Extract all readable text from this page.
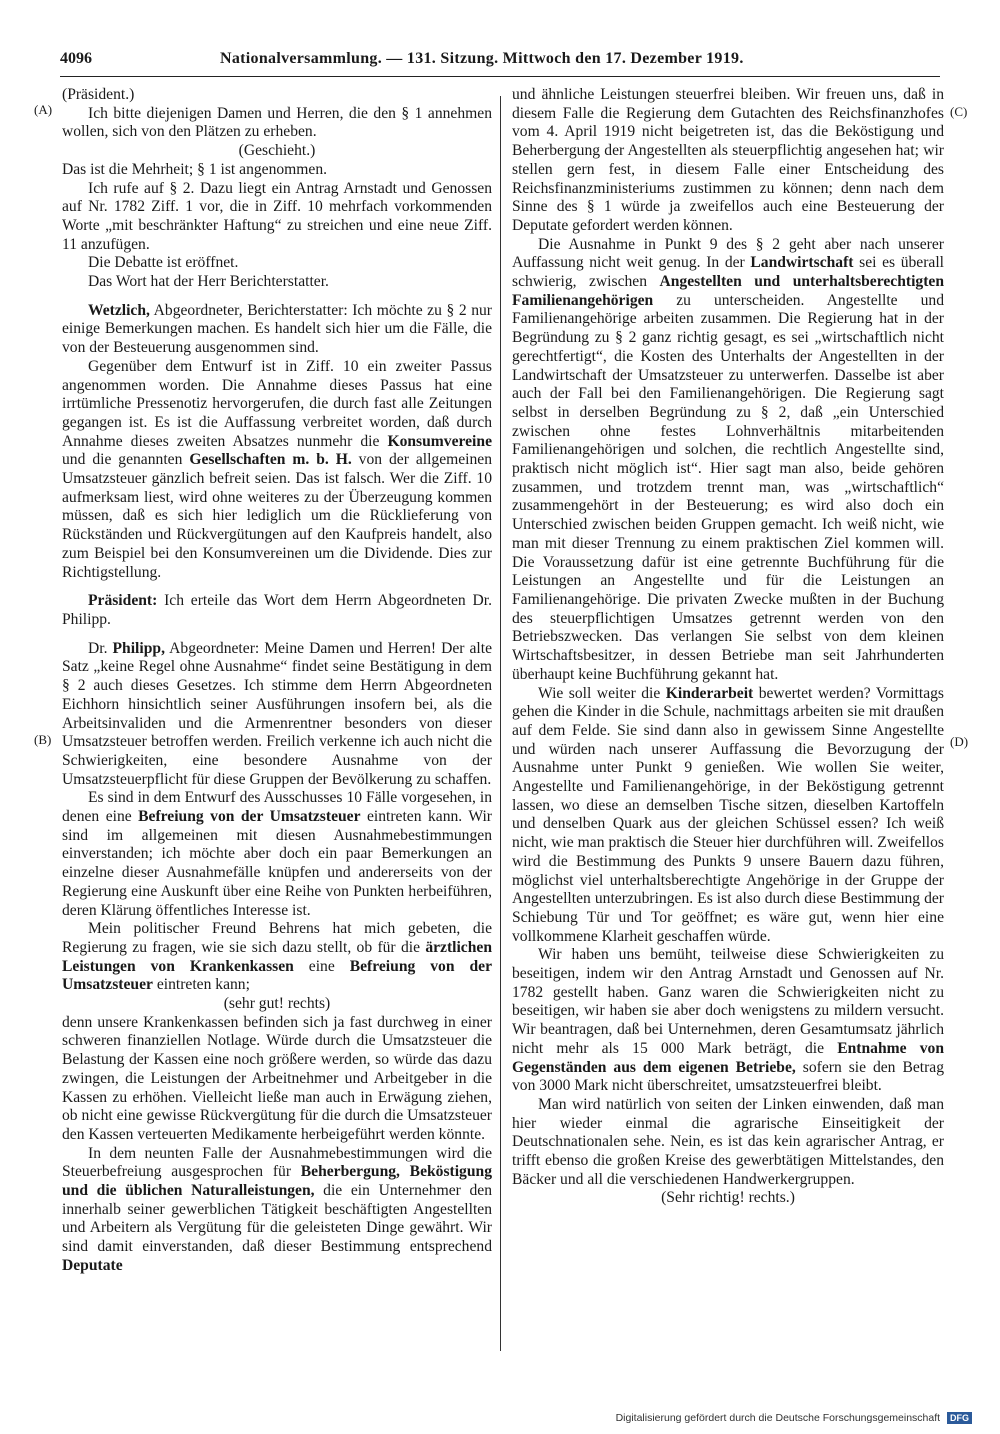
4096	Nationalversammlung. — 131. Sitzung. Mittwoch den 17. Dezember 1919.
(A)
(B)
(C)
(D)

(Präsident.)

Ich bitte diejenigen Damen und Herren, die den § 1 annehmen wollen, sich von den Plätzen zu erheben.

(Geschieht.)

Das ist die Mehrheit; § 1 ist angenommen.

Ich rufe auf § 2. Dazu liegt ein Antrag Arnstadt und Genossen auf Nr. 1782 Ziff. 1 vor, die in Ziff. 10 mehrfach vorkommenden Worte „mit beschränkter Haftung“ zu streichen und eine neue Ziff. 11 anzufügen.

Die Debatte ist eröffnet.

Das Wort hat der Herr Berichterstatter.

Wetzlich, Abgeordneter, Berichterstatter: Ich möchte zu § 2 nur einige Bemerkungen machen. Es handelt sich hier um die Fälle, die von der Besteuerung ausgenommen sind.

Gegenüber dem Entwurf ist in Ziff. 10 ein zweiter Passus angenommen worden. Die Annahme dieses Passus hat eine irrtümliche Pressenotiz hervorgerufen, die durch fast alle Zeitungen gegangen ist. Es ist die Auffassung verbreitet worden, daß durch Annahme dieses zweiten Absatzes nunmehr die Konsumvereine und die genannten Gesellschaften m. b. H. von der allgemeinen Umsatzsteuer gänzlich befreit seien. Das ist falsch. Wer die Ziff. 10 aufmerksam liest, wird ohne weiteres zu der Überzeugung kommen müssen, daß es sich hier lediglich um die Rücklieferung von Rückständen und Rückvergütungen auf den Kaufpreis handelt, also zum Beispiel bei den Konsumvereinen um die Dividende. Dies zur Richtigstellung.

Präsident: Ich erteile das Wort dem Herrn Abgeordneten Dr. Philipp.

Dr. Philipp, Abgeordneter: Meine Damen und Herren! Der alte Satz „keine Regel ohne Ausnahme“ findet seine Bestätigung in dem § 2 auch dieses Gesetzes. Ich stimme dem Herrn Abgeordneten Eichhorn hinsichtlich seiner Ausführungen insofern bei, als die Arbeitsinvaliden und die Armenrentner besonders von dieser Umsatzsteuer betroffen werden. Freilich verkenne ich auch nicht die Schwierigkeiten, eine besondere Ausnahme von der Umsatzsteuerpflicht für diese Gruppen der Bevölkerung zu schaffen.

Es sind in dem Entwurf des Ausschusses 10 Fälle vorgesehen, in denen eine Befreiung von der Umsatzsteuer eintreten kann. Wir sind im allgemeinen mit diesen Ausnahmebestimmungen einverstanden; ich möchte aber doch ein paar Bemerkungen an einzelne dieser Ausnahmefälle knüpfen und andererseits von der Regierung eine Auskunft über eine Reihe von Punkten herbeiführen, deren Klärung öffentliches Interesse ist.

Mein politischer Freund Behrens hat mich gebeten, die Regierung zu fragen, wie sie sich dazu stellt, ob für die ärztlichen Leistungen von Krankenkassen eine Befreiung von der Umsatzsteuer eintreten kann;

(sehr gut! rechts)

denn unsere Krankenkassen befinden sich ja fast durchweg in einer schweren finanziellen Notlage. Würde durch die Umsatzsteuer die Belastung der Kassen eine noch größere werden, so würde das dazu zwingen, die Leistungen der Arbeitnehmer und Arbeitgeber in die Kassen zu erhöhen. Vielleicht ließe man auch in Erwägung ziehen, ob nicht eine gewisse Rückvergütung für die durch die Umsatzsteuer den Kassen verteuerten Medikamente herbeigeführt werden könnte.

In dem neunten Falle der Ausnahmebestimmungen wird die Steuerbefreiung ausgesprochen für Beherbergung, Beköstigung und die üblichen Naturalleistungen, die ein Unternehmer den innerhalb seiner gewerblichen Tätigkeit beschäftigten Angestellten und Arbeitern als Vergütung für die geleisteten Dinge gewährt. Wir sind damit einverstanden, daß dieser Bestimmung entsprechend Deputate

und ähnliche Leistungen steuerfrei bleiben. Wir freuen uns, daß in diesem Falle die Regierung dem Gutachten des Reichsfinanzhofes vom 4. April 1919 nicht beigetreten ist, das die Beköstigung und Beherbergung der Angestellten als steuerpflichtig angesehen hat; wir stellen gern fest, in diesem Falle einer Entscheidung des Reichsfinanzministeriums zustimmen zu können; denn nach dem Sinne des § 1 würde ja zweifellos auch eine Besteuerung der Deputate gefordert werden können.

Die Ausnahme in Punkt 9 des § 2 geht aber nach unserer Auffassung nicht weit genug. In der Landwirtschaft sei es überall schwierig, zwischen Angestellten und unterhaltsberechtigten Familienangehörigen zu unterscheiden. Angestellte und Familienangehörige arbeiten zusammen. Die Regierung hat in der Begründung zu § 2 ganz richtig gesagt, es sei „wirtschaftlich nicht gerechtfertigt“, die Kosten des Unterhalts der Angestellten in der Landwirtschaft der Umsatzsteuer zu unterwerfen. Dasselbe ist aber auch der Fall bei den Familienangehörigen. Die Regierung sagt selbst in derselben Begründung zu § 2, daß „ein Unterschied zwischen ohne festes Lohnverhältnis mitarbeitenden Familienangehörigen und solchen, die rechtlich Angestellte sind, praktisch nicht möglich ist“. Hier sagt man also, beide gehören zusammen, und trotzdem trennt man, was „wirtschaftlich“ zusammengehört in der Besteuerung; es wird also doch ein Unterschied zwischen beiden Gruppen gemacht. Ich weiß nicht, wie man mit dieser Trennung zu einem praktischen Ziel kommen will. Die Voraussetzung dafür ist eine getrennte Buchführung für die Leistungen an Angestellte und für die Leistungen an Familienangehörige. Die privaten Zwecke mußten in der Buchung des steuerpflichtigen Umsatzes getrennt werden von den Betriebszwecken. Das verlangen Sie selbst von dem kleinen Wirtschaftsbesitzer, in dessen Betriebe man seit Jahrhunderten überhaupt keine Buchführung gekannt hat.

Wie soll weiter die Kinderarbeit bewertet werden? Vormittags gehen die Kinder in die Schule, nachmittags arbeiten sie mit draußen auf dem Felde. Sie sind dann also in gewissem Sinne Angestellte und würden nach unserer Auffassung die Bevorzugung der Ausnahme unter Punkt 9 genießen. Wie wollen Sie weiter, Angestellte und Familienangehörige, in der Beköstigung getrennt lassen, wo diese an demselben Tische sitzen, dieselben Kartoffeln und denselben Quark aus der gleichen Schüssel essen? Ich weiß nicht, wie man praktisch die Steuer hier durchführen will. Zweifellos wird die Bestimmung des Punkts 9 unsere Bauern dazu führen, möglichst viel unterhaltsberechtigte Angehörige in der Gruppe der Angestellten unterzubringen. Es ist also durch diese Bestimmung der Schiebung Tür und Tor geöffnet; es wäre gut, wenn hier eine vollkommene Klarheit geschaffen würde.

Wir haben uns bemüht, teilweise diese Schwierigkeiten zu beseitigen, indem wir den Antrag Arnstadt und Genossen auf Nr. 1782 gestellt haben. Ganz waren die Schwierigkeiten nicht zu beseitigen, wir haben sie aber doch wenigstens zu mildern versucht. Wir beantragen, daß bei Unternehmen, deren Gesamtumsatz jährlich nicht mehr als 15 000 Mark beträgt, die Entnahme von Gegenständen aus dem eigenen Betriebe, sofern sie den Betrag von 3000 Mark nicht überschreitet, umsatzsteuerfrei bleibt.

Man wird natürlich von seiten der Linken einwenden, daß man hier wieder einmal die agrarische Einseitigkeit der Deutschnationalen sehe. Nein, es ist das kein agrarischer Antrag, er trifft ebenso die großen Kreise des gewerbtätigen Mittelstandes, den Bäcker und all die verschiedenen Handwerkergruppen.

(Sehr richtig! rechts.)

Digitalisierung gefördert durch die Deutsche Forschungsgemeinschaft DFG
